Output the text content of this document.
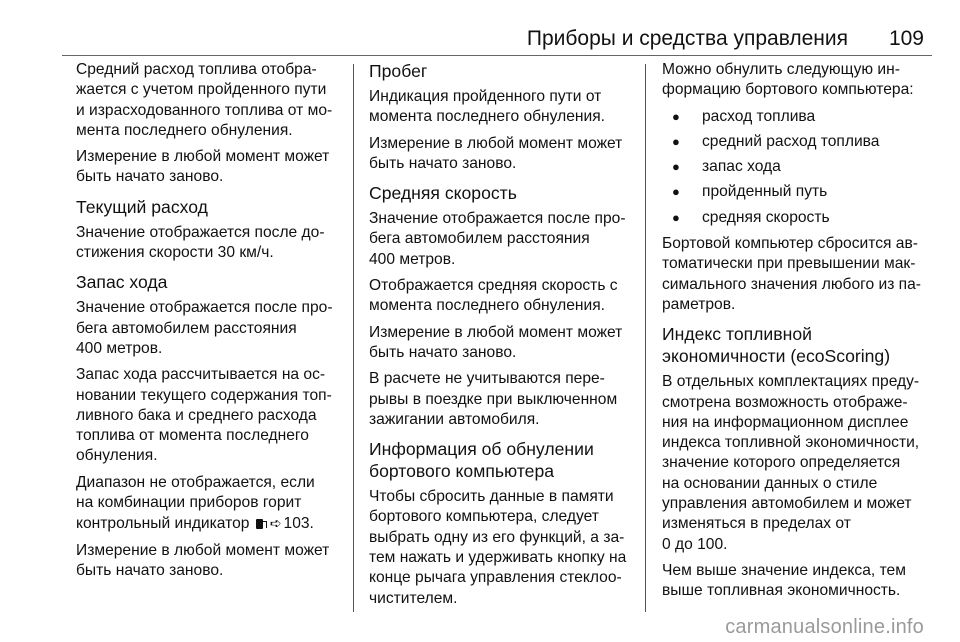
Приборы и средства управления 109

Средний расход топлива отобра-
жается с учетом пройденного пути
и израсходованного топлива от мо-
мента последнего обнуления.

Измерение в любой момент может
быть начато заново.

Текущий расход

Значение отображается после до-
стижения скорости 30 км/ч.

Запас хода

Значение отображается после про-
бега автомобилем расстояния
400 метров.

Запас хода рассчитывается на ос-
новании текущего содержания топ-
ливного бака и среднего расхода
топлива от момента последнего
обнуления.

Диапазон не отображается, если
на комбинации приборов горит
контрольный индикатор
➪ 103.

Измерение в любой момент может
быть начато заново.

Пробег

Индикация пройденного пути от
момента последнего обнуления.

Измерение в любой момент может
быть начато заново.

Средняя скорость

Значение отображается после про-
бега автомобилем расстояния
400 метров.

Отображается средняя скорость с
момента последнего обнуления.

Измерение в любой момент может
быть начато заново.

В расчете не учитываются пере-
рывы в поездке при выключенном
зажигании автомобиля.

Информация об обнулении
бортового компьютера

Чтобы сбросить данные в памяти
бортового компьютера, следует
выбрать одну из его функций, а за-
тем нажать и удерживать кнопку на
конце рычага управления стеклоо-
чистителем.

Можно обнулить следующую ин-
формацию бортового компьютера:

● расход топлива
● средний расход топлива
● запас хода
● пройденный путь
● средняя скорость

Бортовой компьютер сбросится ав-
томатически при превышении мак-
симального значения любого из па-
раметров.

Индекс топливной
экономичности (ecoScoring)

В отдельных комплектациях преду-
смотрена возможность отображе-
ния на информационном дисплее
индекса топливной экономичности,
значение которого определяется
на основании данных о стиле
управления автомобилем и может
изменяться в пределах от
0 до 100.

Чем выше значение индекса, тем
выше топливная экономичность.

carmanualsonline.info
